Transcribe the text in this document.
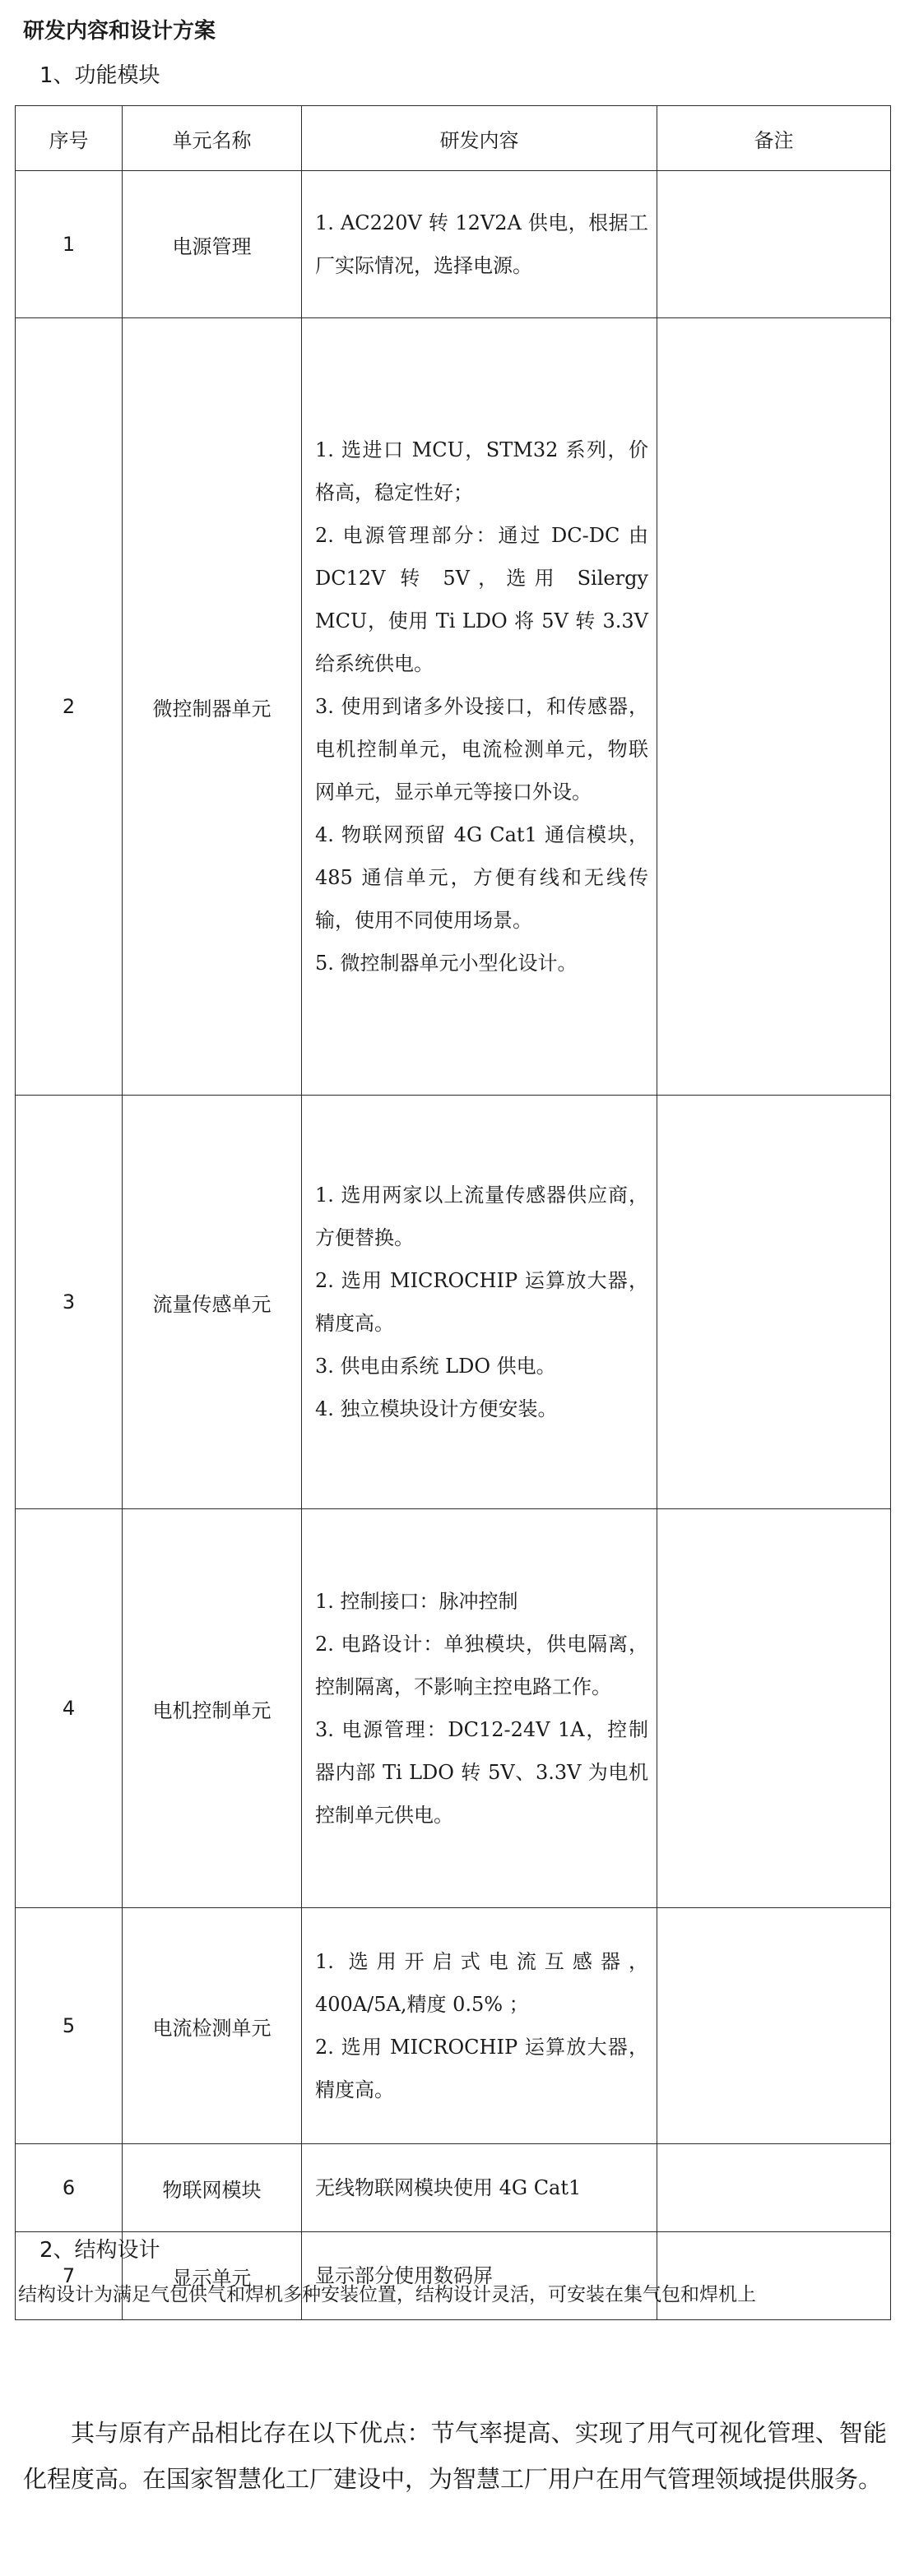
研发内容和设计方案
1、功能模块
序号	单元名称	研发内容	备注
1	电源管理	1. AC220V 转 12V2A 供电，根据工厂实际情况，选择电源。	

2	微控制器单元	1. 选进口 MCU，STM32 系列，价格高，稳定性好；
2. 电源管理部分：通过 DC-DC 由 DC12V 转 5V，选用 Silergy MCU，使用 Ti LDO 将 5V 转 3.3V 给系统供电。
3. 使用到诸多外设接口，和传感器，电机控制单元，电流检测单元，物联网单元，显示单元等接口外设。
4. 物联网预留 4G Cat1 通信模块，485 通信单元，方便有线和无线传输，使用不同使用场景。
5. 微控制器单元小型化设计。	

3	流量传感单元	1. 选用两家以上流量传感器供应商，方便替换。
2. 选用 MICROCHIP 运算放大器，精度高。
3. 供电由系统 LDO 供电。
4. 独立模块设计方便安装。	

4	电机控制单元	1. 控制接口：脉冲控制
2. 电路设计：单独模块，供电隔离，控制隔离，不影响主控电路工作。
3. 电源管理：DC12-24V 1A，控制器内部 Ti LDO 转 5V、3.3V 为电机控制单元供电。	

5	电流检测单元	1. 选用开启式电流互感器，400A/5A,精度 0.5% ；
2. 选用 MICROCHIP 运算放大器，精度高。	

6	物联网模块	无线物联网模块使用 4G Cat1	

7	显示单元	显示部分使用数码屏	

2、结构设计

结构设计为满足气包供气和焊机多种安装位置，结构设计灵活，可安装在集气包和焊机上

其与原有产品相比存在以下优点：节气率提高、实现了用气可视化管理、智能化程度高。在国家智慧化工厂建设中，为智慧工厂用户在用气管理领域提供服务。
